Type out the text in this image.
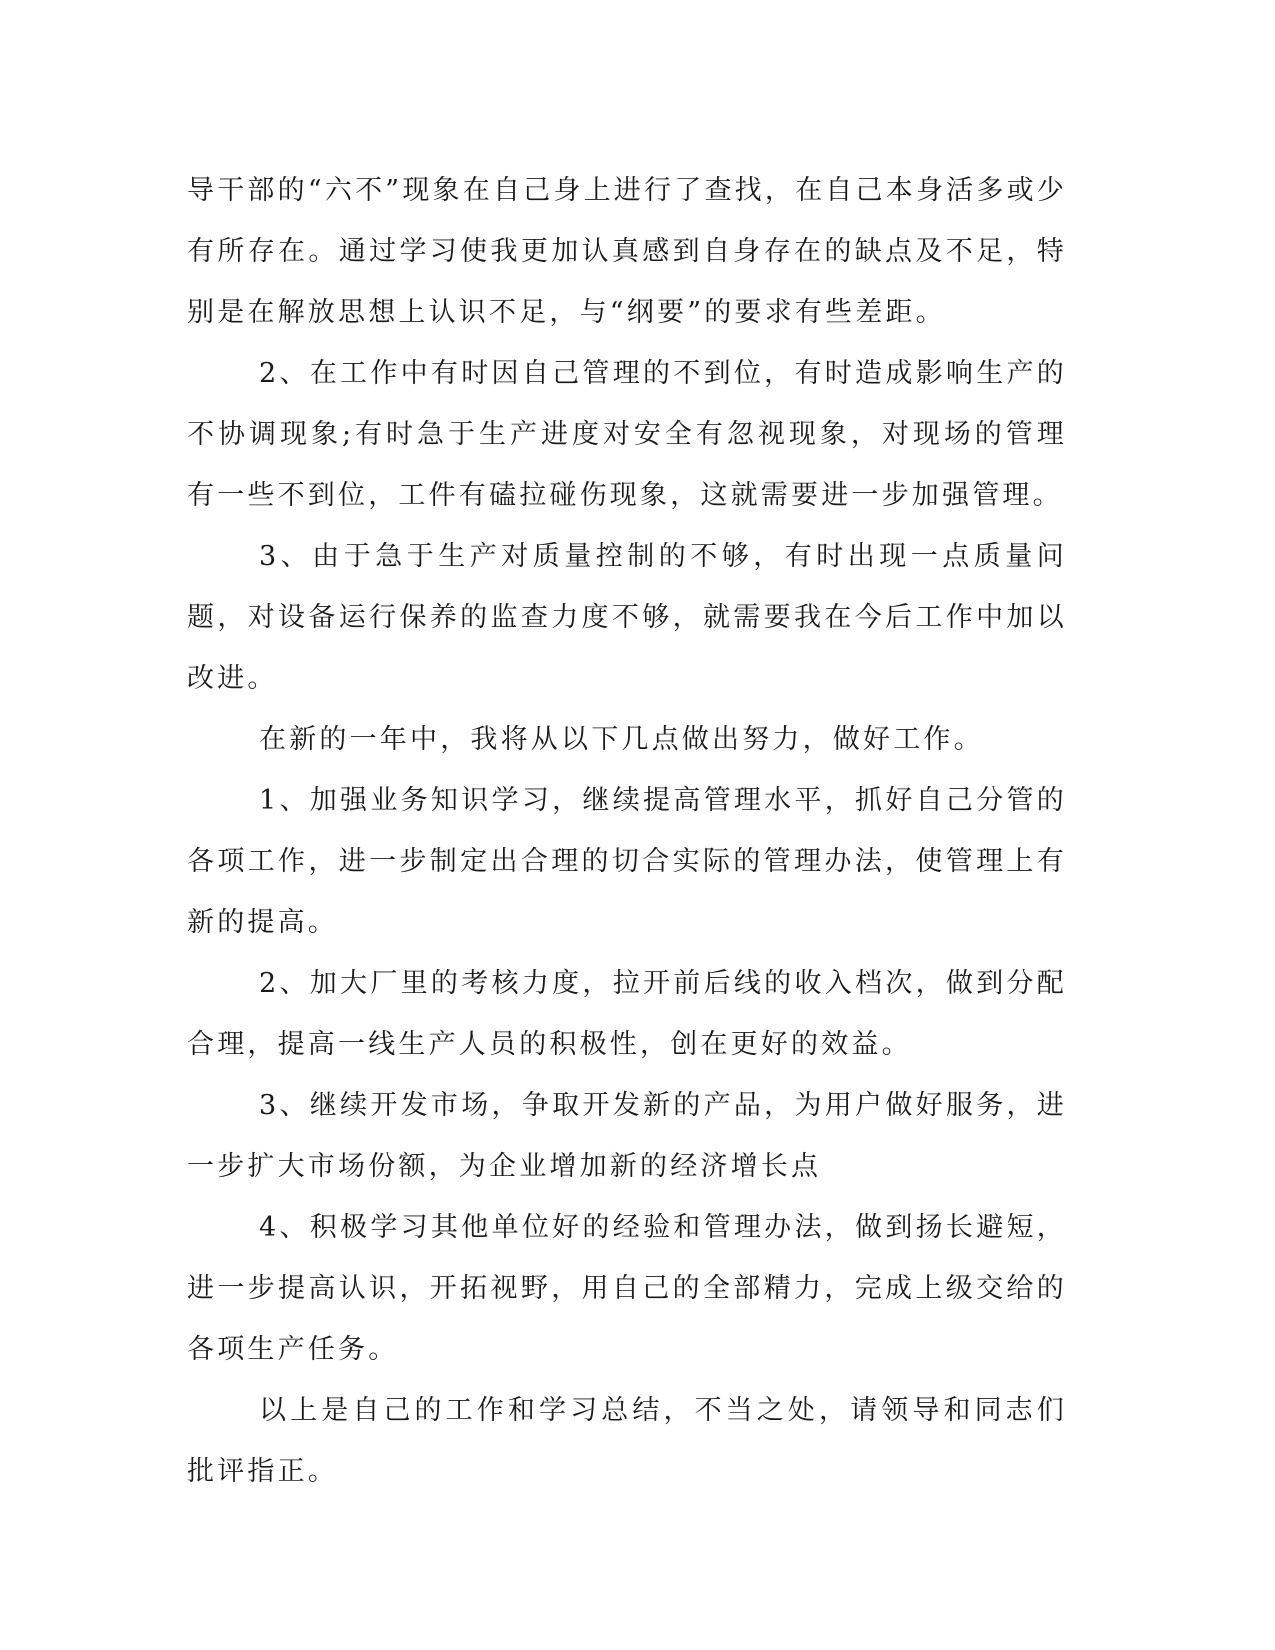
导干部的“六不”现象在自己身上进行了查找，在自己本身活多或少有所存在。通过学习使我更加认真感到自身存在的缺点及不足，特别是在解放思想上认识不足，与“纲要”的要求有些差距。

2、在工作中有时因自己管理的不到位，有时造成影响生产的不协调现象;有时急于生产进度对安全有忽视现象，对现场的管理有一些不到位，工件有磕拉碰伤现象，这就需要进一步加强管理。

3、由于急于生产对质量控制的不够，有时出现一点质量问题，对设备运行保养的监查力度不够，就需要我在今后工作中加以改进。

在新的一年中，我将从以下几点做出努力，做好工作。

1、加强业务知识学习，继续提高管理水平，抓好自己分管的各项工作，进一步制定出合理的切合实际的管理办法，使管理上有新的提高。

2、加大厂里的考核力度，拉开前后线的收入档次，做到分配合理，提高一线生产人员的积极性，创在更好的效益。

3、继续开发市场，争取开发新的产品，为用户做好服务，进一步扩大市场份额，为企业增加新的经济增长点

4、积极学习其他单位好的经验和管理办法，做到扬长避短，进一步提高认识，开拓视野，用自己的全部精力，完成上级交给的各项生产任务。

以上是自己的工作和学习总结，不当之处，请领导和同志们批评指正。
